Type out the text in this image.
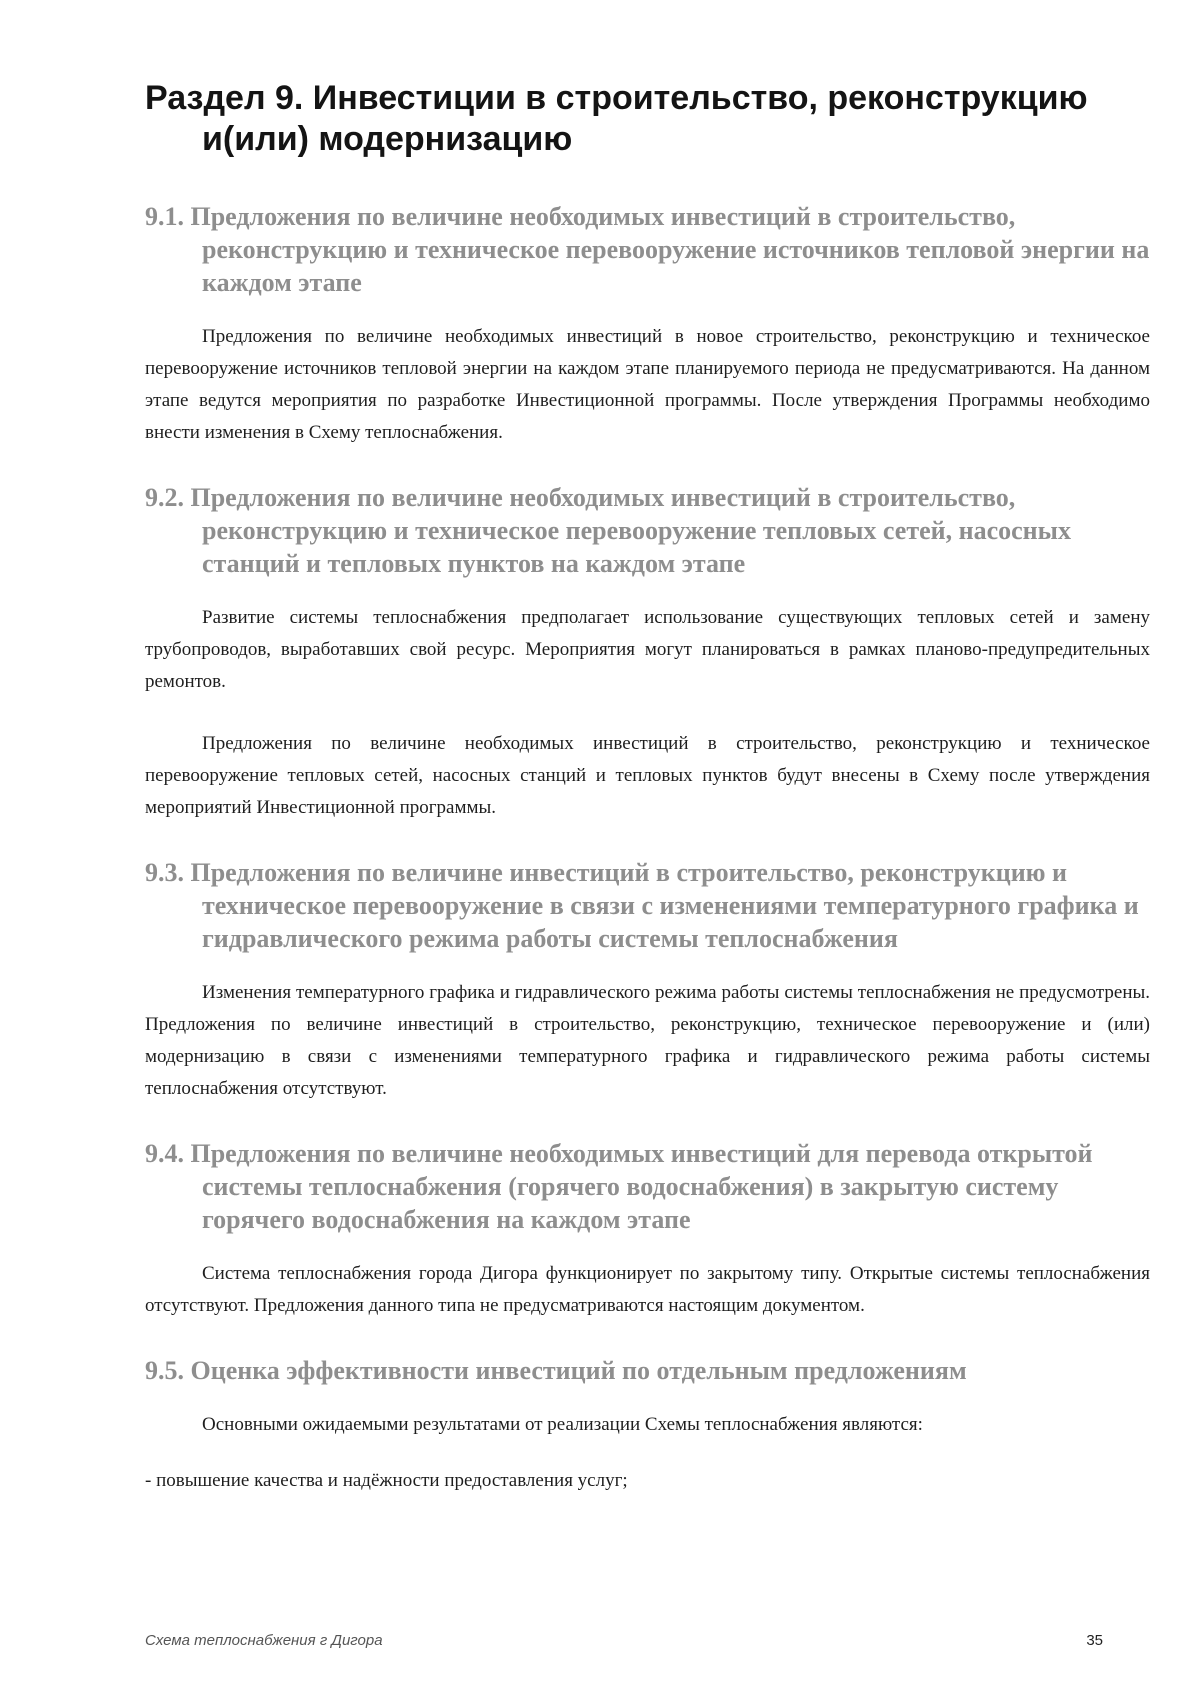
Раздел 9. Инвестиции в строительство, реконструкцию и(или) модернизацию
9.1. Предложения по величине необходимых инвестиций в строительство, реконструкцию и техническое перевооружение источников тепловой энергии на каждом этапе

Предложения по величине необходимых инвестиций в новое строительство, реконструкцию и техническое перевооружение источников тепловой энергии на каждом этапе планируемого периода не предусматриваются. На данном этапе ведутся мероприятия по разработке Инвестиционной программы. После утверждения Программы необходимо внести изменения в Схему теплоснабжения.

9.2. Предложения по величине необходимых инвестиций в строительство, реконструкцию и техническое перевооружение тепловых сетей, насосных станций и тепловых пунктов на каждом этапе

Развитие системы теплоснабжения предполагает использование существующих тепловых сетей и замену трубопроводов, выработавших свой ресурс. Мероприятия могут планироваться в рамках планово-предупредительных ремонтов.

Предложения по величине необходимых инвестиций в строительство, реконструкцию и техническое перевооружение тепловых сетей, насосных станций и тепловых пунктов будут внесены в Схему после утверждения мероприятий Инвестиционной программы.

9.3. Предложения по величине инвестиций в строительство, реконструкцию и техническое перевооружение в связи с изменениями температурного графика и гидравлического режима работы системы теплоснабжения

Изменения температурного графика и гидравлического режима работы системы теплоснабжения не предусмотрены. Предложения по величине инвестиций в строительство, реконструкцию, техническое перевооружение и (или) модернизацию в связи с изменениями температурного графика и гидравлического режима работы системы теплоснабжения отсутствуют.

9.4. Предложения по величине необходимых инвестиций для перевода открытой системы теплоснабжения (горячего водоснабжения) в закрытую систему горячего водоснабжения на каждом этапе

Система теплоснабжения города Дигора функционирует по закрытому типу. Открытые системы теплоснабжения отсутствуют. Предложения данного типа не предусматриваются настоящим документом.

9.5. Оценка эффективности инвестиций по отдельным предложениям

Основными ожидаемыми результатами от реализации Схемы теплоснабжения являются:

- повышение качества и надёжности предоставления услуг;

Схема теплоснабжения г Дигора	35
